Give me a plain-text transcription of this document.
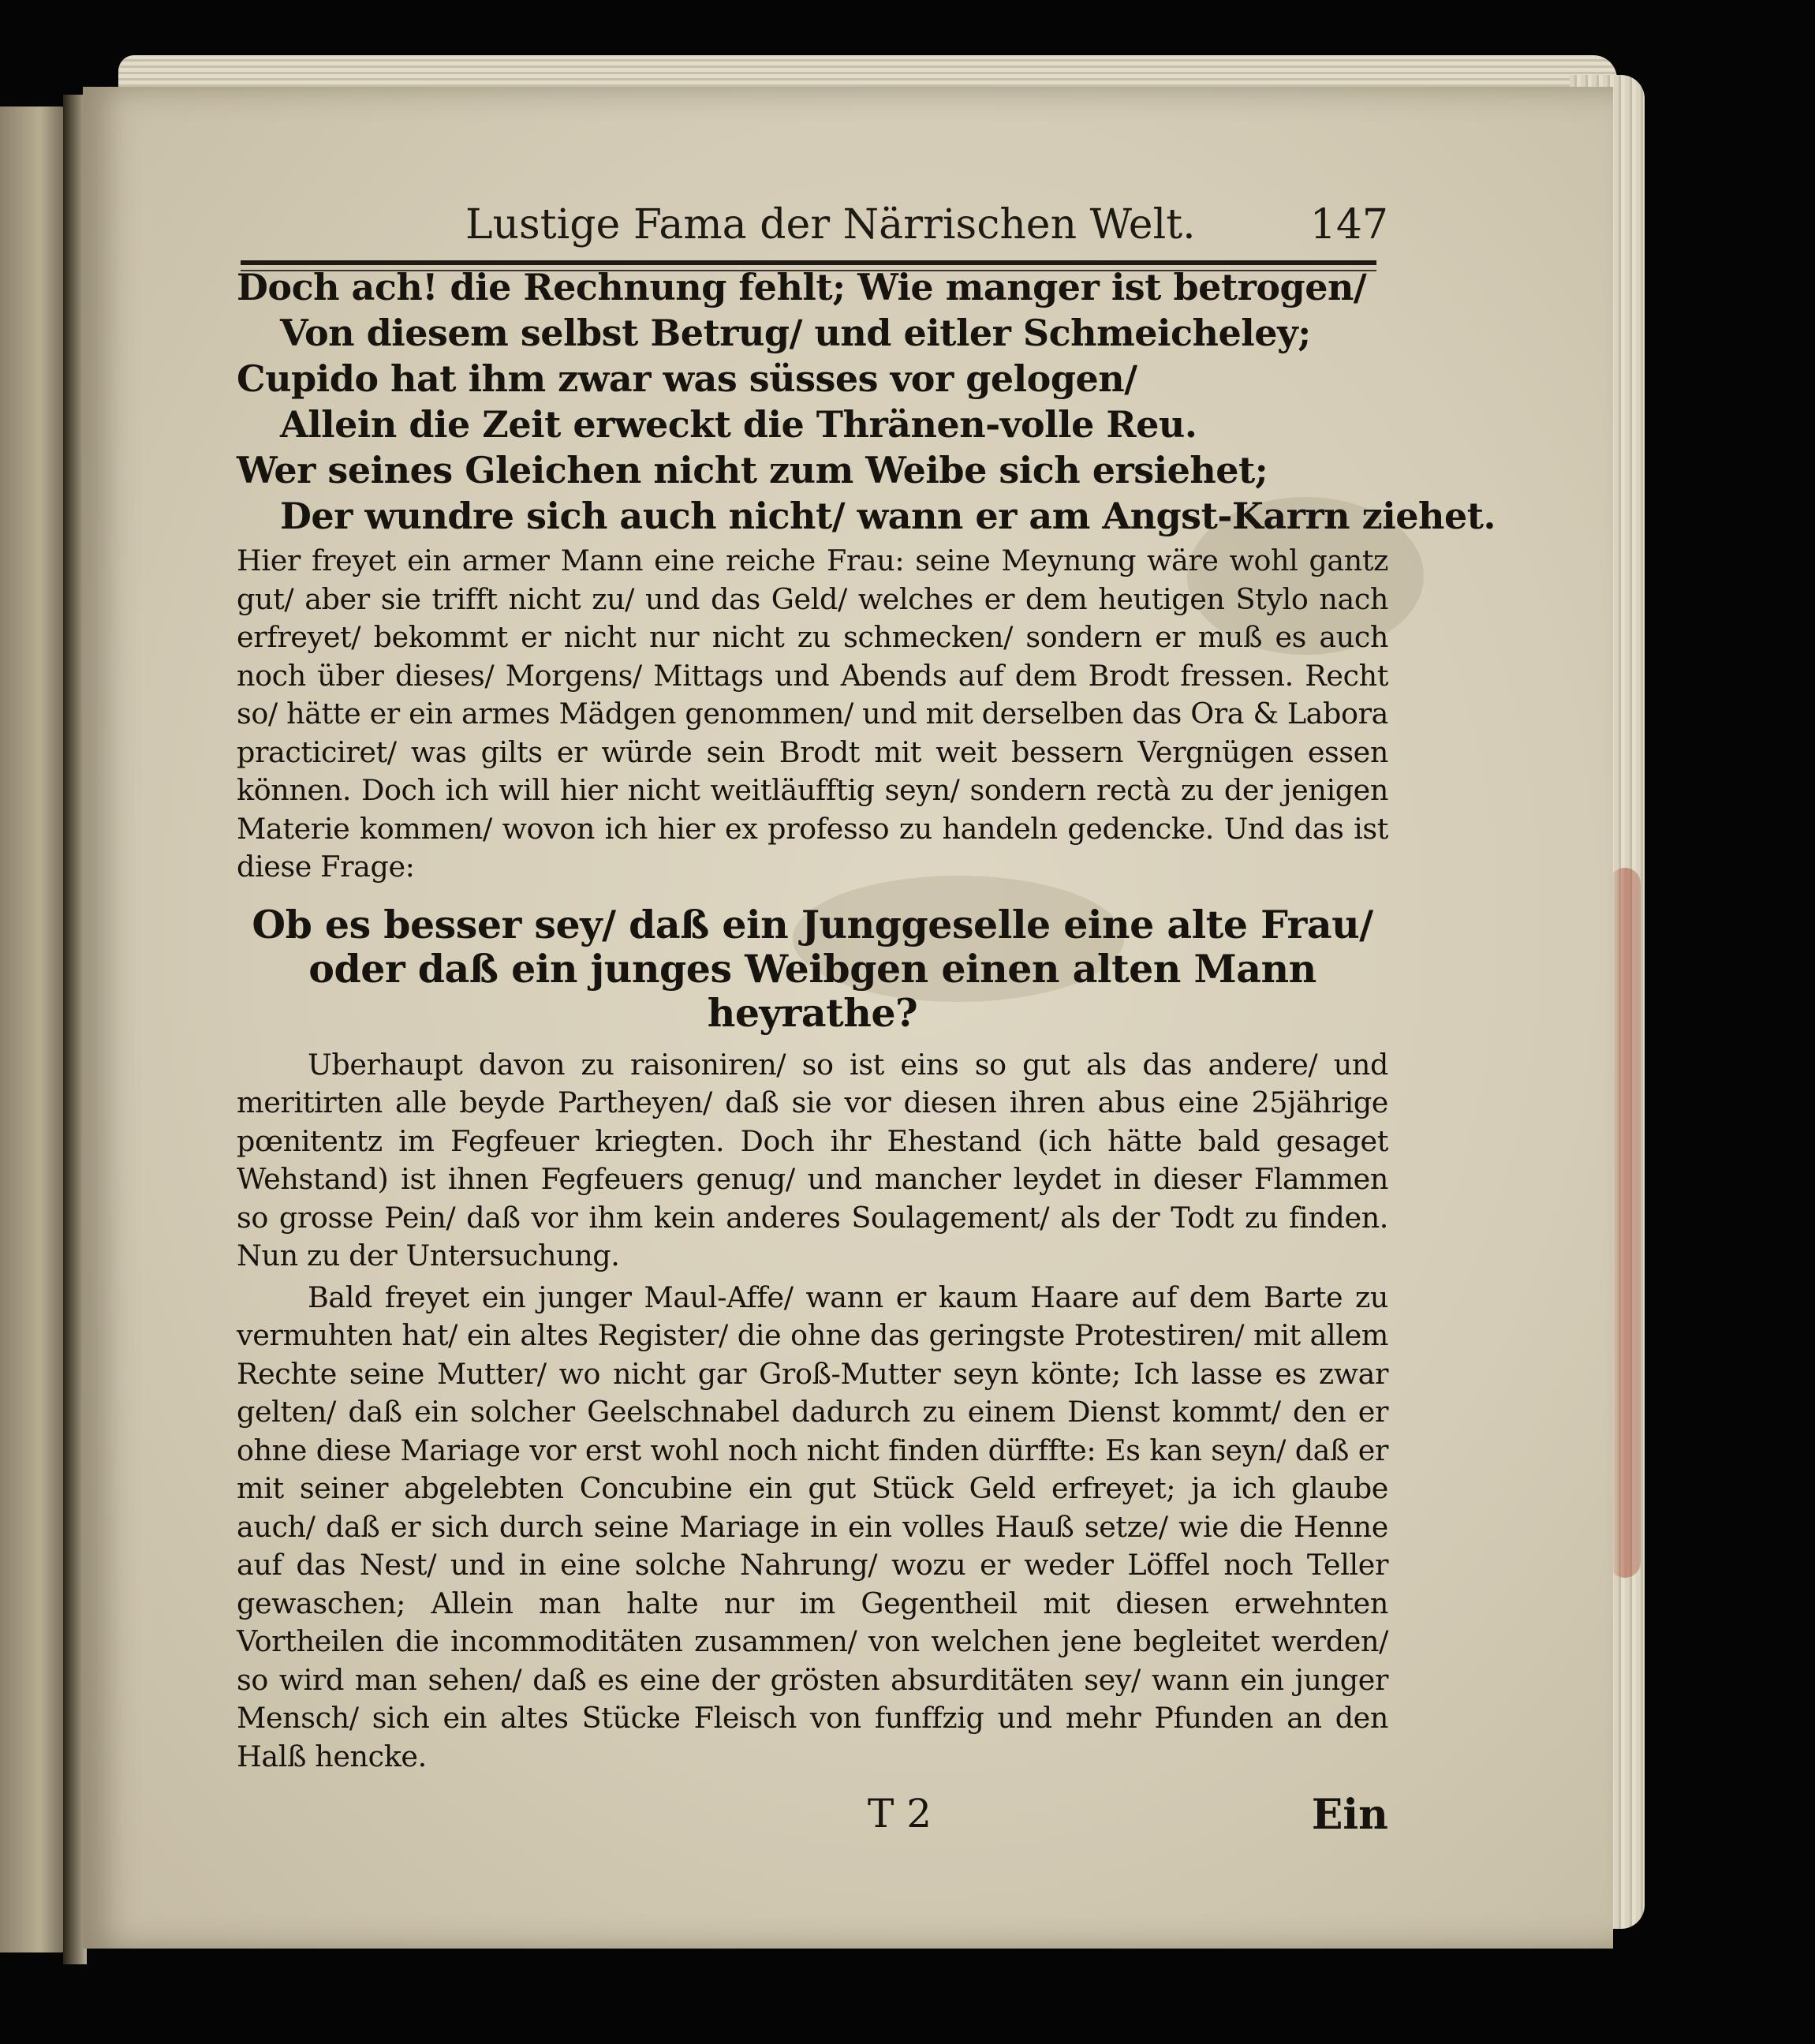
Lustige Fama der Närrischen Welt.	147
Doch ach! die Rechnung fehlt; Wie manger ist betrogen/
Von diesem selbst Betrug/ und eitler Schmeicheley;
Cupido hat ihm zwar was süsses vor gelogen/
Allein die Zeit erweckt die Thränen-volle Reu.
Wer seines Gleichen nicht zum Weibe sich ersiehet;
Der wundre sich auch nicht/ wann er am Angst-Karrn ziehet.

Hier freyet ein armer Mann eine reiche Frau: seine Meynung wäre wohl gantz gut/ aber sie trifft nicht zu/ und das Geld/ welches er dem heutigen Stylo nach erfreyet/ bekommt er nicht nur nicht zu schmecken/ sondern er muß es auch noch über dieses/ Morgens/ Mittags und Abends auf dem Brodt fressen. Recht so/ hätte er ein armes Mädgen genommen/ und mit derselben das Ora & Labora practiciret/ was gilts er würde sein Brodt mit weit bessern Vergnügen essen können. Doch ich will hier nicht weitläufftig seyn/ sondern rectà zu der jenigen Materie kommen/ wovon ich hier ex professo zu handeln gedencke. Und das ist diese Frage:

Ob es besser sey/ daß ein Junggeselle eine alte Frau/
oder daß ein junges Weibgen einen alten Mann
heyrathe?

Uberhaupt davon zu raisoniren/ so ist eins so gut als das andere/ und meritirten alle beyde Partheyen/ daß sie vor diesen ihren abus eine 25jährige pœnitentz im Fegfeuer kriegten. Doch ihr Ehestand (ich hätte bald gesaget Wehstand) ist ihnen Fegfeuers genug/ und mancher leydet in dieser Flammen so grosse Pein/ daß vor ihm kein anderes Soulagement/ als der Todt zu finden. Nun zu der Untersuchung.

Bald freyet ein junger Maul-Affe/ wann er kaum Haare auf dem Barte zu vermuhten hat/ ein altes Register/ die ohne das geringste Protestiren/ mit allem Rechte seine Mutter/ wo nicht gar Groß-Mutter seyn könte; Ich lasse es zwar gelten/ daß ein solcher Geelschnabel dadurch zu einem Dienst kommt/ den er ohne diese Mariage vor erst wohl noch nicht finden dürffte: Es kan seyn/ daß er mit seiner abgelebten Concubine ein gut Stück Geld erfreyet; ja ich glaube auch/ daß er sich durch seine Mariage in ein volles Hauß setze/ wie die Henne auf das Nest/ und in eine solche Nahrung/ wozu er weder Löffel noch Teller gewaschen; Allein man halte nur im Gegentheil mit diesen erwehnten Vortheilen die incommoditäten zusammen/ von welchen jene begleitet werden/ so wird man sehen/ daß es eine der grösten absurditäten sey/ wann ein junger Mensch/ sich ein altes Stücke Fleisch von funffzig und mehr Pfunden an den Halß hencke.

T 2	Ein
